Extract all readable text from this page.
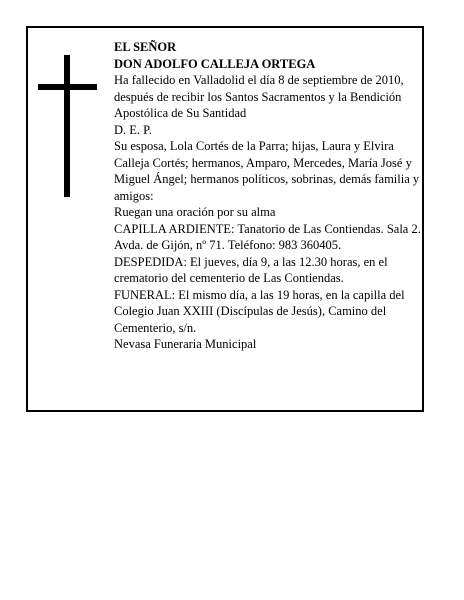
EL SEÑOR

DON ADOLFO CALLEJA ORTEGA

Ha fallecido en Valladolid el día 8 de septiembre de 2010, después de recibir los Santos Sacramentos y la Bendición Apostólica de Su Santidad

D. E. P.

Su esposa, Lola Cortés de la Parra; hijas, Laura y Elvira Calleja Cortés; hermanos, Amparo, Mercedes, María José y Miguel Ángel; hermanos políticos, sobrinas, demás familia y amigos:

Ruegan una oración por su alma

CAPILLA ARDIENTE: Tanatorio de Las Contiendas. Sala 2. Avda. de Gijón, nº 71. Teléfono: 983 360405.

DESPEDIDA: El jueves, día 9, a las 12.30 horas, en el crematorio del cementerio de Las Contiendas.

FUNERAL: El mismo día, a las 19 horas, en la capilla del Colegio Juan XXIII (Discípulas de Jesús), Camino del Cementerio, s/n.

Nevasa Funeraria Municipal
